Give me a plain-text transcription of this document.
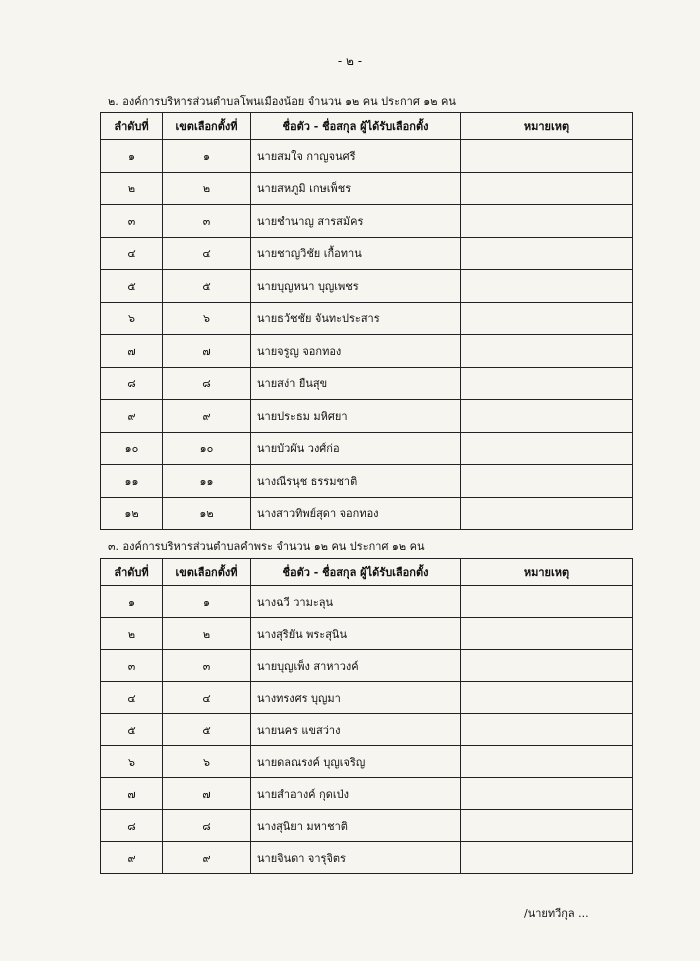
- ๒ -
๒. องค์การบริหารส่วนตำบลโพนเมืองน้อย จำนวน ๑๒ คน ประกาศ ๑๒ คน
ลำดับที่	เขตเลือกตั้งที่	ชื่อตัว - ชื่อสกุล ผู้ได้รับเลือกตั้ง	หมายเหตุ
๑	๑	นายสมใจ กาญจนศรี	
๒	๒	นายสหภูมิ เกษเพ็ชร	
๓	๓	นายชำนาญ สารสมัคร	
๔	๔	นายชาญวิชัย เกื้อทาน	
๕	๕	นายบุญหนา บุญเพชร	
๖	๖	นายธวัชชัย จันทะประสาร	
๗	๗	นายจรูญ จอกทอง	
๘	๘	นายสง่า ยืนสุข	
๙	๙	นายประธม มหิศยา	
๑๐	๑๐	นายบัวผัน วงศ์ก่อ	
๑๑	๑๑	นางณีรนุช ธรรมชาติ	
๑๒	๑๒	นางสาวทิพย์สุดา จอกทอง	
๓. องค์การบริหารส่วนตำบลคำพระ จำนวน ๑๒ คน ประกาศ ๑๒ คน
ลำดับที่	เขตเลือกตั้งที่	ชื่อตัว - ชื่อสกุล ผู้ได้รับเลือกตั้ง	หมายเหตุ
๑	๑	นางฉวี วามะลุน	
๒	๒	นางสุริยัน พระสุนิน	
๓	๓	นายบุญเพ็ง สาหาวงค์	
๔	๔	นางทรงศร บุญมา	
๕	๕	นายนคร แขสว่าง	
๖	๖	นายดลณรงค์ บุญเจริญ	
๗	๗	นายสำอางค์ กุดเป่ง	
๘	๘	นางสุนิยา มหาชาติ	
๙	๙	นายจินดา จารุจิตร	
/นายทวีกุล ...
